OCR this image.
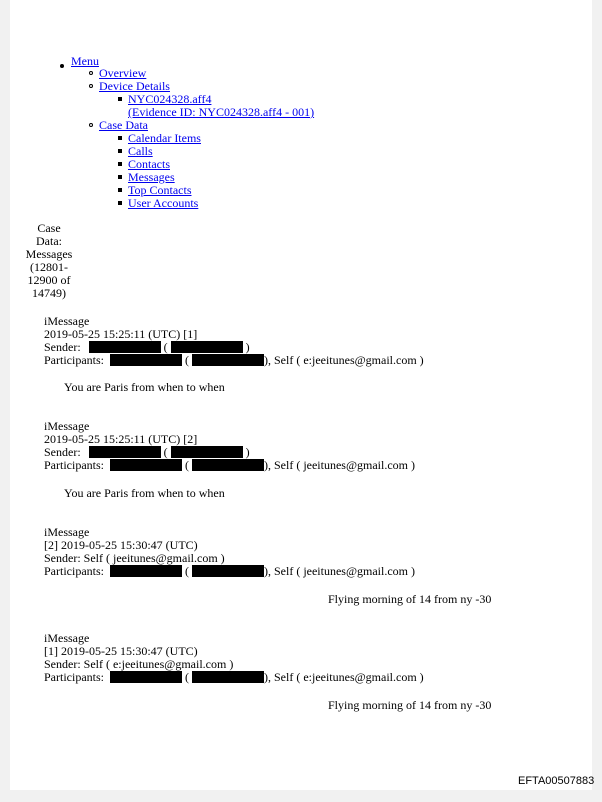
Menu
Overview
Device Details
NYC024328.aff4
(Evidence ID: NYC024328.aff4 - 001)
Case Data
Calendar Items
Calls
Contacts
Messages
Top Contacts
User Accounts
Case
Data:
Messages
(12801-
12900 of
14749)
iMessage
2019-05-25 15:25:11 (UTC) [1]
Sender:	(	)
Participants:	(	), Self ( e:jeeitunes@gmail.com )
You are Paris from when to when
iMessage
2019-05-25 15:25:11 (UTC) [2]
Sender:	(	)
Participants:	(	), Self ( jeeitunes@gmail.com )
You are Paris from when to when
iMessage
[2] 2019-05-25 15:30:47 (UTC)
Sender: Self ( jeeitunes@gmail.com )
Participants:	(	), Self ( jeeitunes@gmail.com )
Flying morning of 14 from ny -30
iMessage
[1] 2019-05-25 15:30:47 (UTC)
Sender: Self ( e:jeeitunes@gmail.com )
Participants:	(	), Self ( e:jeeitunes@gmail.com )
Flying morning of 14 from ny -30
EFTA00507883
